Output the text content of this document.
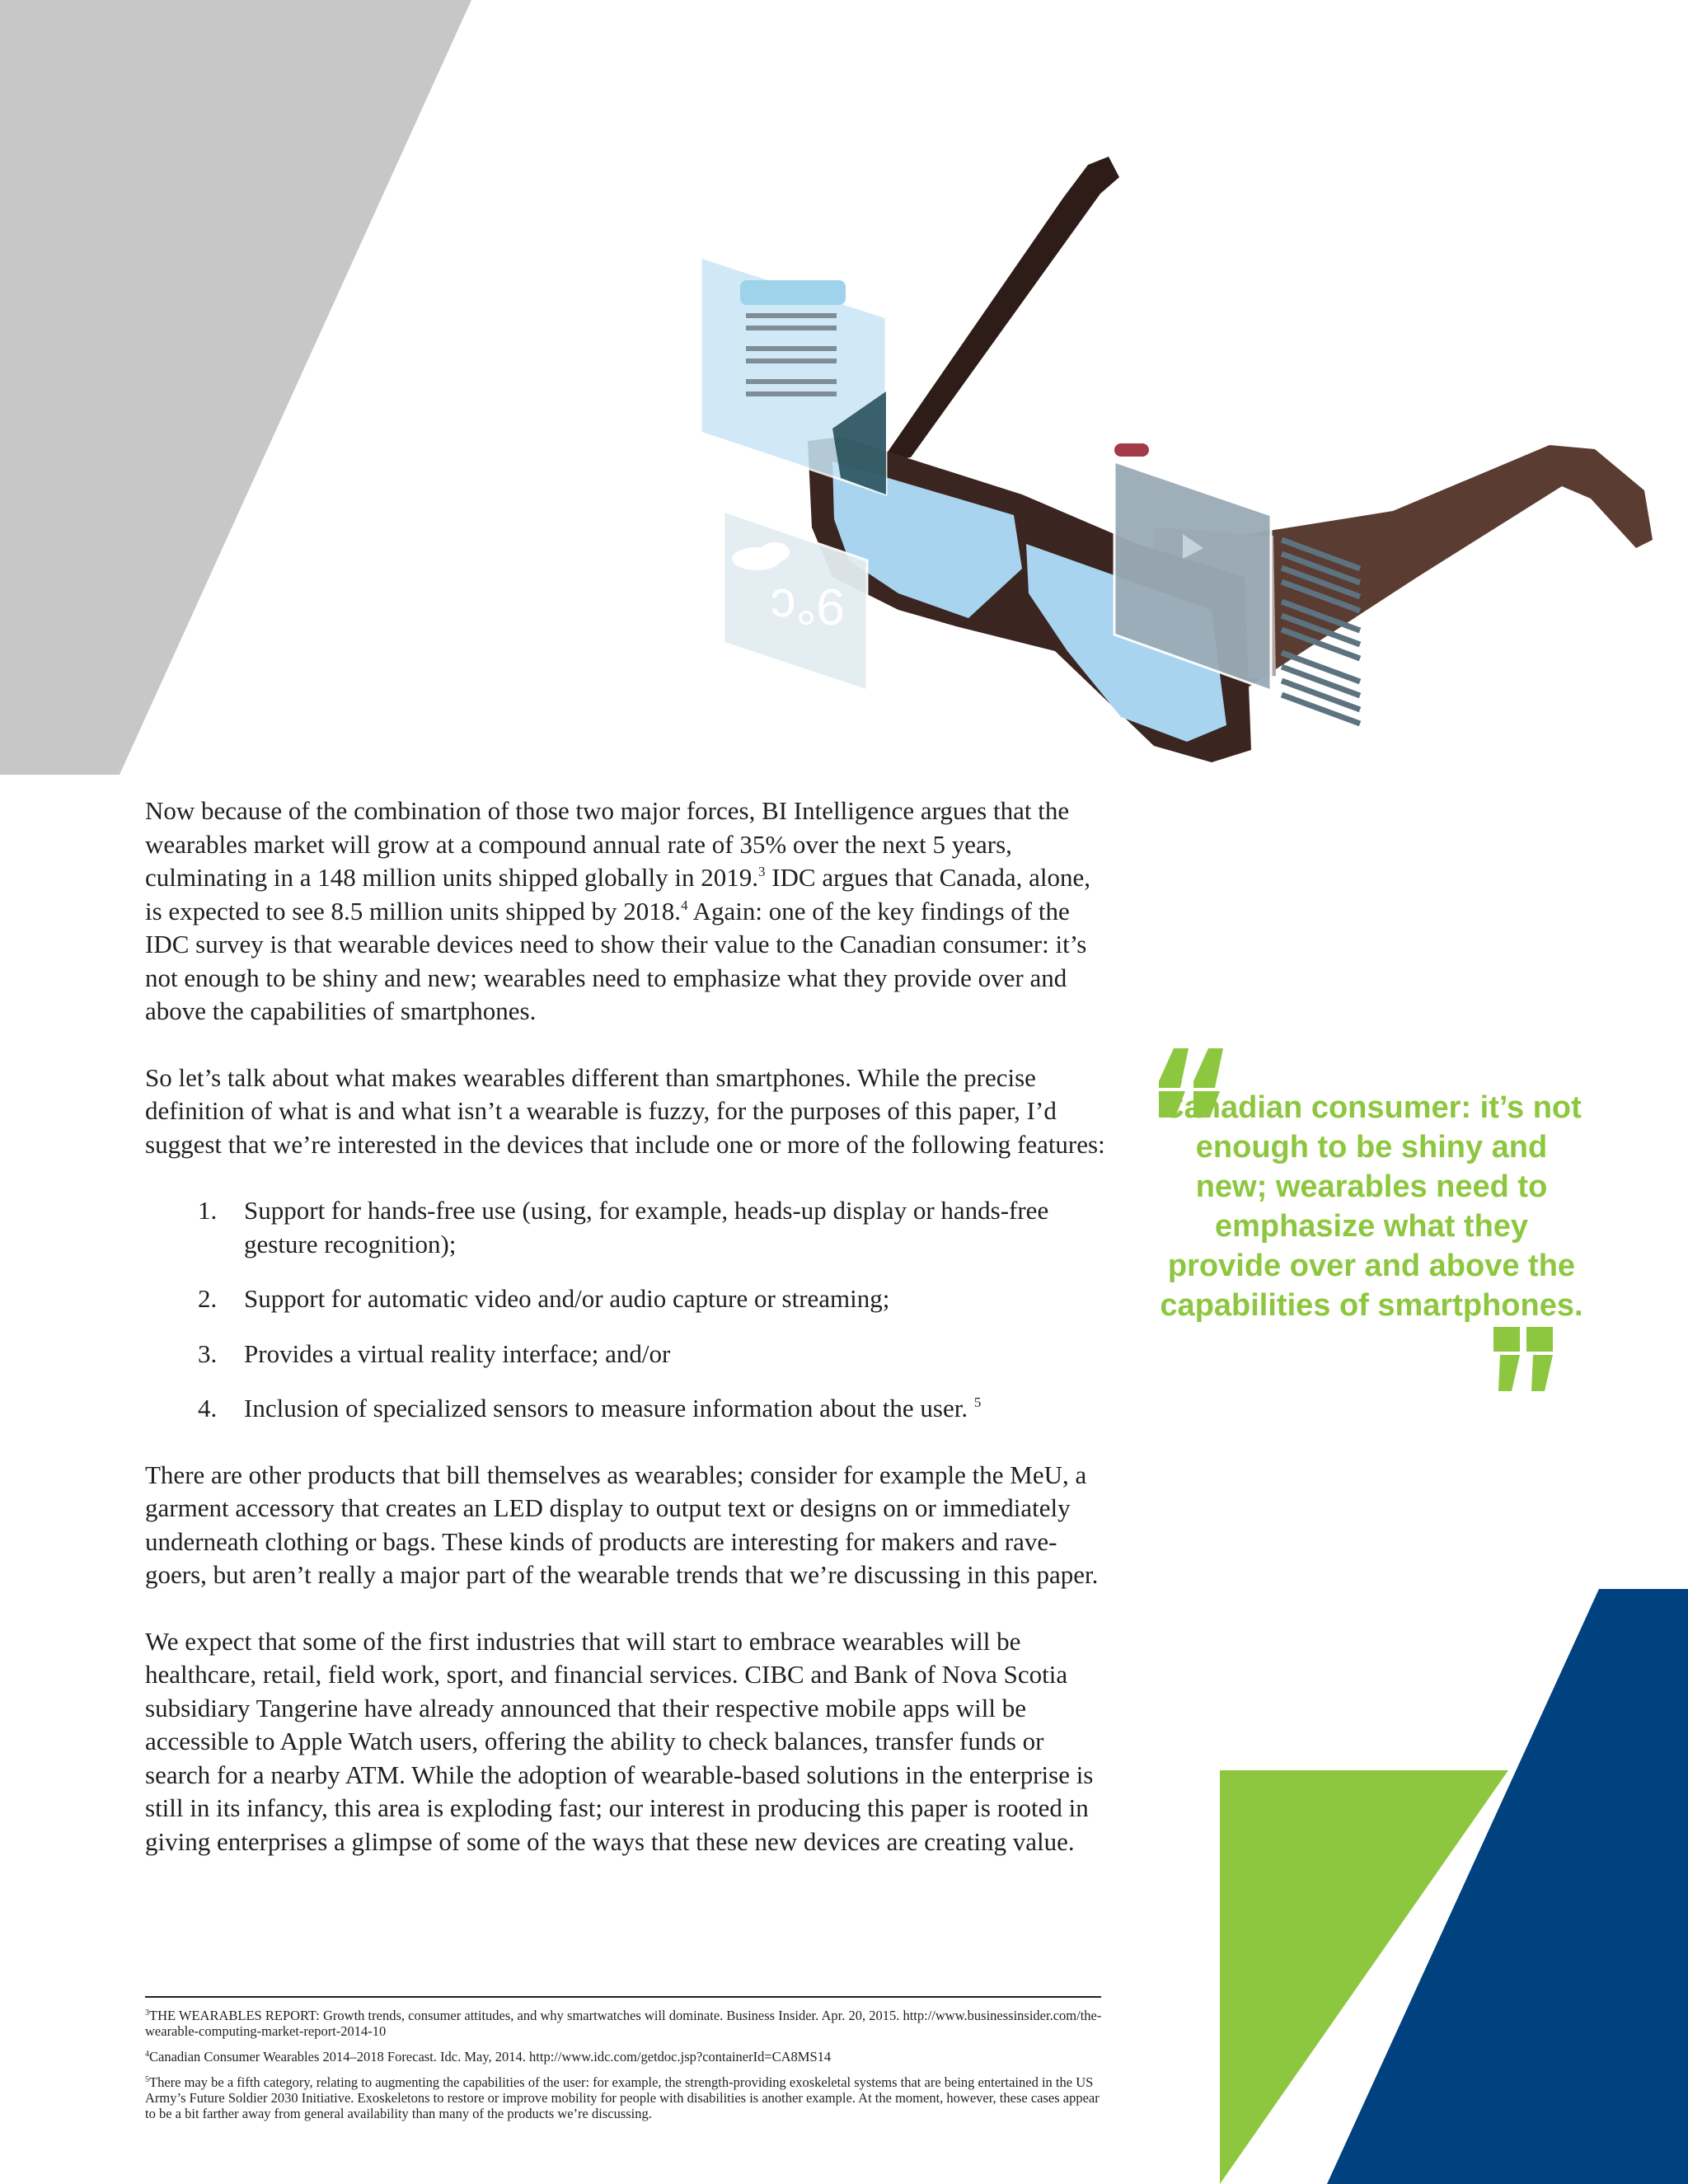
9°c

Now because of the combination of those two major forces, BI Intelligence argues that the wearables market will grow at a compound annual rate of 35% over the next 5 years, culminating in a 148 million units shipped globally in 2019.$^3$ IDC argues that Canada, alone, is expected to see 8.5 million units shipped by 2018.$^4$ Again: one of the key findings of the IDC survey is that wearable devices need to show their value to the Canadian consumer: it’s not enough to be shiny and new; wearables need to emphasize what they provide over and above the capabilities of smartphones.

So let’s talk about what makes wearables different than smartphones. While the precise definition of what is and what isn’t a wearable is fuzzy, for the purposes of this paper, I’d suggest that we’re interested in the devices that include one or more of the following features:

1. Support for hands-free use (using, for example, heads-up display or hands-free gesture recognition);
2. Support for automatic video and/or audio capture or streaming;
3. Provides a virtual reality interface; and/or
4. Inclusion of specialized sensors to measure information about the user. $^5$

There are other products that bill themselves as wearables; consider for example the MeU, a garment accessory that creates an LED display to output text or designs on or immediately underneath clothing or bags. These kinds of products are interesting for makers and rave-goers, but aren’t really a major part of the wearable trends that we’re discussing in this paper.

We expect that some of the first industries that will start to embrace wearables will be healthcare, retail, field work, sport, and financial services. CIBC and Bank of Nova Scotia subsidiary Tangerine have already announced that their respective mobile apps will be accessible to Apple Watch users, offering the ability to check balances, transfer funds or search for a nearby ATM. While the adoption of wearable-based solutions in the enterprise is still in its infancy, this area is exploding fast; our interest in producing this paper is rooted in giving enterprises a glimpse of some of the ways that these new devices are creating value.

Canadian consumer: it’s not enough to be shiny and new; wearables need to emphasize what they provide over and above the capabilities of smartphones.

$^3$THE WEARABLES REPORT: Growth trends, consumer attitudes, and why smartwatches will dominate. Business Insider. Apr. 20, 2015. http://www.businessinsider.com/the-wearable-computing-market-report-2014-10

$^4$Canadian Consumer Wearables 2014–2018 Forecast. Idc. May, 2014. http://www.idc.com/getdoc.jsp?containerId=CA8MS14

$^5$There may be a fifth category, relating to augmenting the capabilities of the user: for example, the strength-providing exoskeletal systems that are being entertained in the US Army’s Future Soldier 2030 Initiative. Exoskeletons to restore or improve mobility for people with disabilities is another example. At the moment, however, these cases appear to be a bit farther away from general availability than many of the products we’re discussing.
